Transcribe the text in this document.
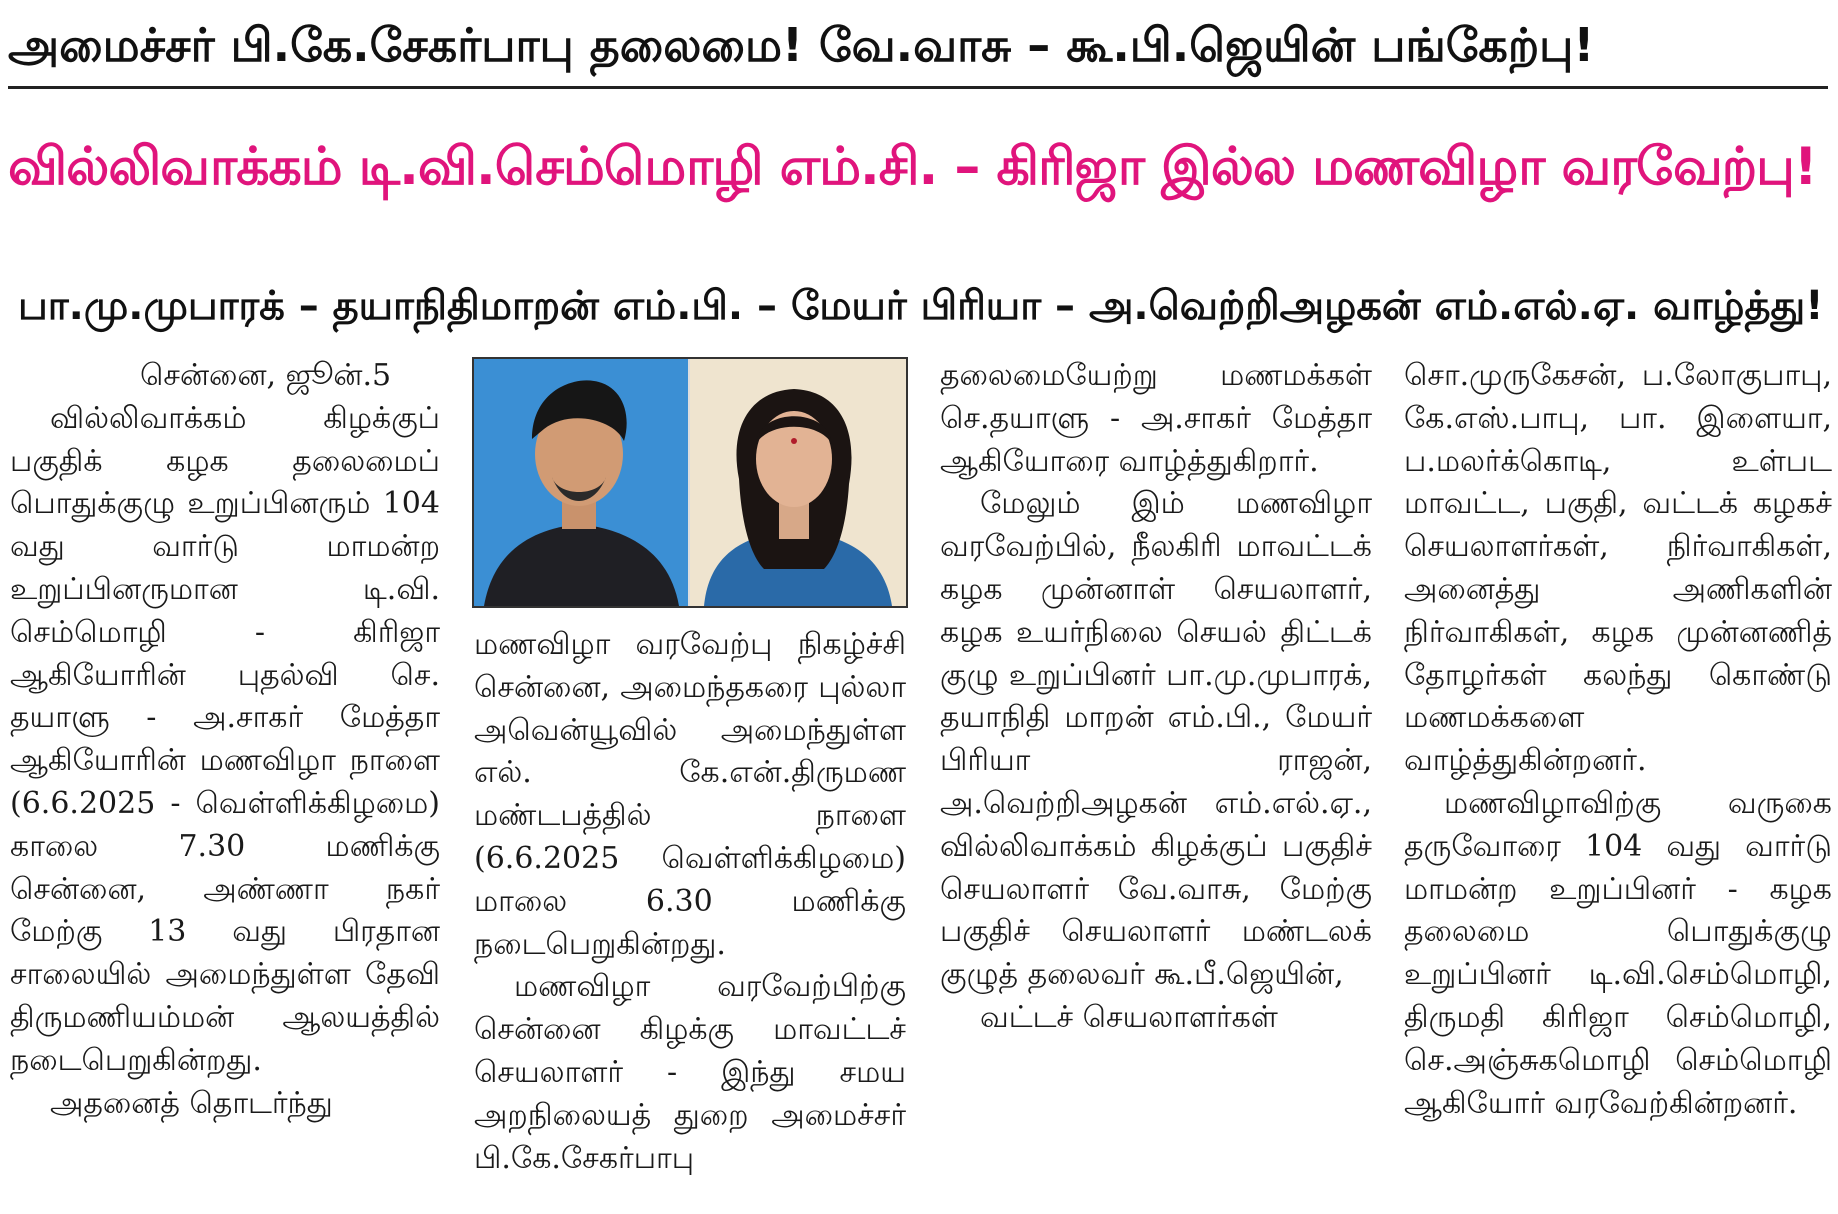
அமைச்சர் பி.கே.சேகர்பாபு தலைமை! வே.வாசு – கூ.பி.ஜெயின் பங்கேற்பு!
வில்லிவாக்கம் டி.வி.செம்மொழி எம்.சி. – கிரிஜா இல்ல மணவிழா வரவேற்பு!
பா.மு.முபாரக் – தயாநிதிமாறன் எம்.பி. – மேயர் பிரியா – அ.வெற்றிஅழகன் எம்.எல்.ஏ. வாழ்த்து!

சென்னை, ஜூன்.5

வில்லிவாக்கம் கிழக்குப் பகுதிக் கழக தலைமைப் பொதுக்குழு உறுப்பினரும் 104 வது வார்டு மாமன்ற உறுப்பினருமான டி.வி. செம்மொழி - கிரிஜா ஆகியோரின் புதல்வி செ. தயாளு - அ.சாகர் மேத்தா ஆகியோரின் மணவிழா நாளை (6.6.2025 - வெள்ளிக்கிழமை) காலை 7.30 மணிக்கு சென்னை, அண்ணா நகர் மேற்கு 13 வது பிரதான சாலையில் அமைந்துள்ள தேவி திருமணியம்மன் ஆலயத்தில் நடைபெறுகின்றது.

அதனைத் தொடர்ந்து

மணவிழா வரவேற்பு நிகழ்ச்சி சென்னை, அமைந்தகரை புல்லா அவென்யூவில் அமைந்துள்ள எல். கே.என்.திருமண மண்டபத்தில் நாளை (6.6.2025 வெள்ளிக்கிழமை) மாலை 6.30 மணிக்கு நடைபெறுகின்றது.

மணவிழா வரவேற்பிற்கு சென்னை கிழக்கு மாவட்டச் செயலாளர் - இந்து சமய அறநிலையத் துறை அமைச்சர் பி.கே.சேகர்பாபு

தலைமையேற்று மணமக்கள் செ.தயாளு - அ.சாகர் மேத்தா ஆகியோரை வாழ்த்துகிறார்.

மேலும் இம் மணவிழா வரவேற்பில், நீலகிரி மாவட்டக் கழக முன்னாள் செயலாளர், கழக உயர்நிலை செயல் திட்டக் குழு உறுப்பினர் பா.மு.முபாரக், தயாநிதி மாறன் எம்.பி., மேயர் பிரியா ராஜன், அ.வெற்றிஅழகன் எம்.எல்.ஏ., வில்லிவாக்கம் கிழக்குப் பகுதிச் செயலாளர் வே.வாசு, மேற்கு பகுதிச் செயலாளர் மண்டலக் குழுத் தலைவர் கூ.பீ.ஜெயின்,

வட்டச் செயலாளர்கள்

சொ.முருகேசன், ப.லோகுபாபு, கே.எஸ்.பாபு, பா. இளையா, ப.மலர்க்கொடி, உள்பட மாவட்ட, பகுதி, வட்டக் கழகச் செயலாளர்கள், நிர்வாகிகள், அனைத்து அணிகளின் நிர்வாகிகள், கழக முன்னணித் தோழர்கள் கலந்து கொண்டு மணமக்களை வாழ்த்துகின்றனர்.

மணவிழாவிற்கு வருகை தருவோரை 104 வது வார்டு மாமன்ற உறுப்பினர் - கழக தலைமை பொதுக்குழு உறுப்பினர் டி.வி.செம்மொழி, திருமதி கிரிஜா செம்மொழி, செ.அஞ்சுகமொழி செம்மொழி ஆகியோர் வரவேற்கின்றனர்.
